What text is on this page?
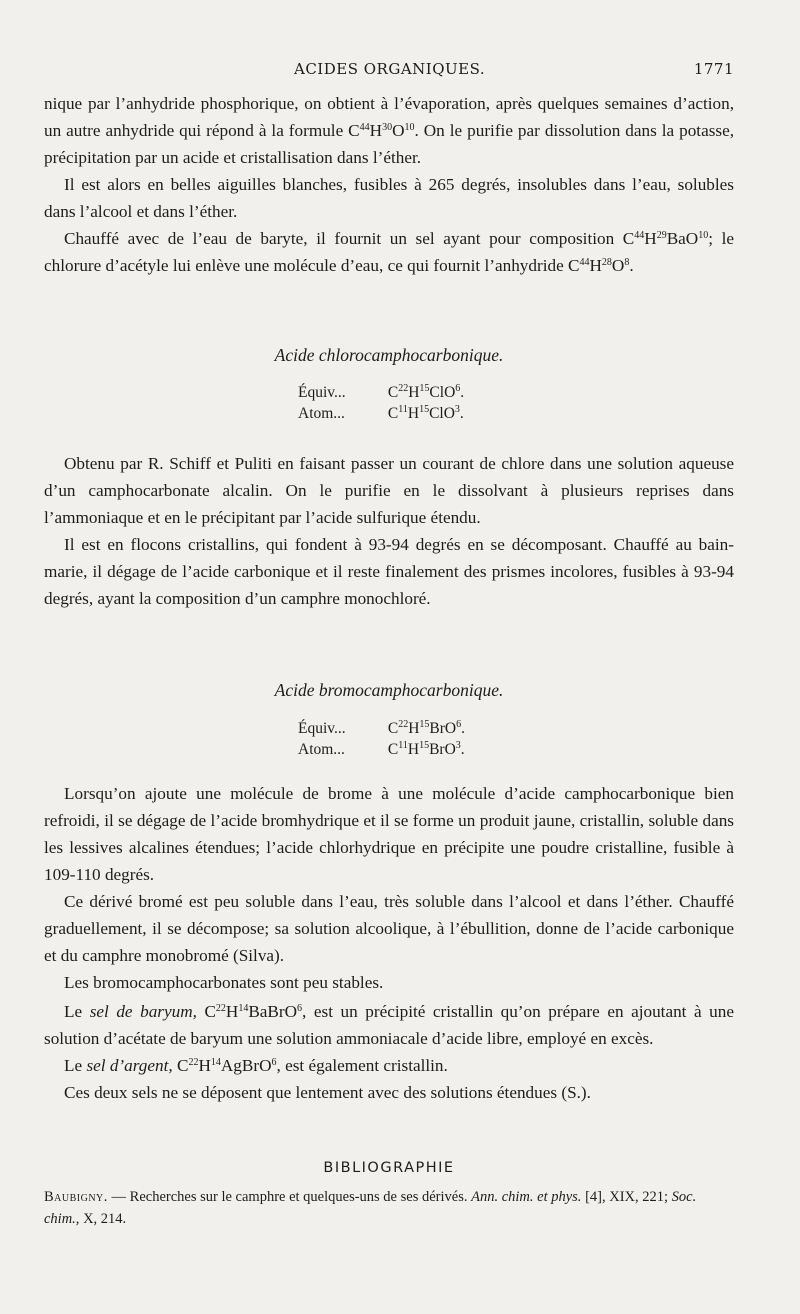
ACIDES ORGANIQUES.	1771

nique par l’anhydride phosphorique, on obtient à l’évaporation, après quelques semaines d’action, un autre anhydride qui répond à la formule $C^{44}H^{30}O^{10}$. On le purifie par dissolution dans la potasse, précipitation par un acide et cristallisation dans l’éther.

Il est alors en belles aiguilles blanches, fusibles à 265 degrés, insolubles dans l’eau, solubles dans l’alcool et dans l’éther.

Chauffé avec de l’eau de baryte, il fournit un sel ayant pour composition $C^{44}H^{29}BaO^{10}$; le chlorure d’acétyle lui enlève une molécule d’eau, ce qui fournit l’anhydride $C^{44}H^{28}O^8$.

Acide chlorocamphocarbonique.
Équiv...	$C^{22}H^{15}ClO^6$.
Atom...	$C^{11}H^{15}ClO^3$.

Obtenu par R. Schiff et Puliti en faisant passer un courant de chlore dans une solution aqueuse d’un camphocarbonate alcalin. On le purifie en le dissolvant à plusieurs reprises dans l’ammoniaque et en le précipitant par l’acide sulfurique étendu.

Il est en flocons cristallins, qui fondent à 93-94 degrés en se décomposant. Chauffé au bain-marie, il dégage de l’acide carbonique et il reste finalement des prismes incolores, fusibles à 93-94 degrés, ayant la composition d’un camphre monochloré.

Acide bromocamphocarbonique.
Équiv...	$C^{22}H^{15}BrO^6$.
Atom...	$C^{11}H^{15}BrO^3$.

Lorsqu’on ajoute une molécule de brome à une molécule d’acide camphocarbonique bien refroidi, il se dégage de l’acide bromhydrique et il se forme un produit jaune, cristallin, soluble dans les lessives alcalines étendues; l’acide chlorhydrique en précipite une poudre cristalline, fusible à 109-110 degrés.

Ce dérivé bromé est peu soluble dans l’eau, très soluble dans l’alcool et dans l’éther. Chauffé graduellement, il se décompose; sa solution alcoolique, à l’ébullition, donne de l’acide carbonique et du camphre monobromé (Silva).

Les bromocamphocarbonates sont peu stables.

Le sel de baryum, $C^{22}H^{14}BaBrO^6$, est un précipité cristallin qu’on prépare en ajoutant à une solution d’acétate de baryum une solution ammoniacale d’acide libre, employé en excès.

Le sel d’argent, $C^{22}H^{14}AgBrO^6$, est également cristallin.

Ces deux sels ne se déposent que lentement avec des solutions étendues (S.).

BIBLIOGRAPHIE

Baubigny. — Recherches sur le camphre et quelques-uns de ses dérivés. Ann. chim. et phys. [4], XIX, 221; Soc. chim., X, 214.
